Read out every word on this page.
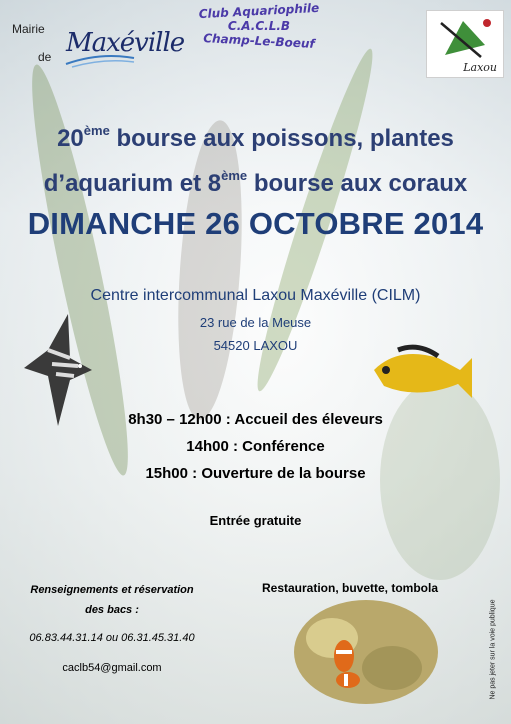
Mairie
de Maxéville
Club Aquariophile
C.A.C.L.B
Champ-Le-Boeuf
Laxou
20ème bourse aux poissons, plantes
d’aquarium et 8ème bourse aux coraux
DIMANCHE 26 OCTOBRE 2014
Centre intercommunal Laxou Maxéville (CILM)
23 rue de la Meuse
54520 LAXOU
8h30 – 12h00 : Accueil des éleveurs
14h00 : Conférence
15h00 : Ouverture de la bourse
Entrée gratuite
Renseignements et réservation
des bacs :
06.83.44.31.14 ou 06.31.45.31.40
caclb54@gmail.com
Restauration, buvette, tombola
Ne pas jeter sur la voie publique
